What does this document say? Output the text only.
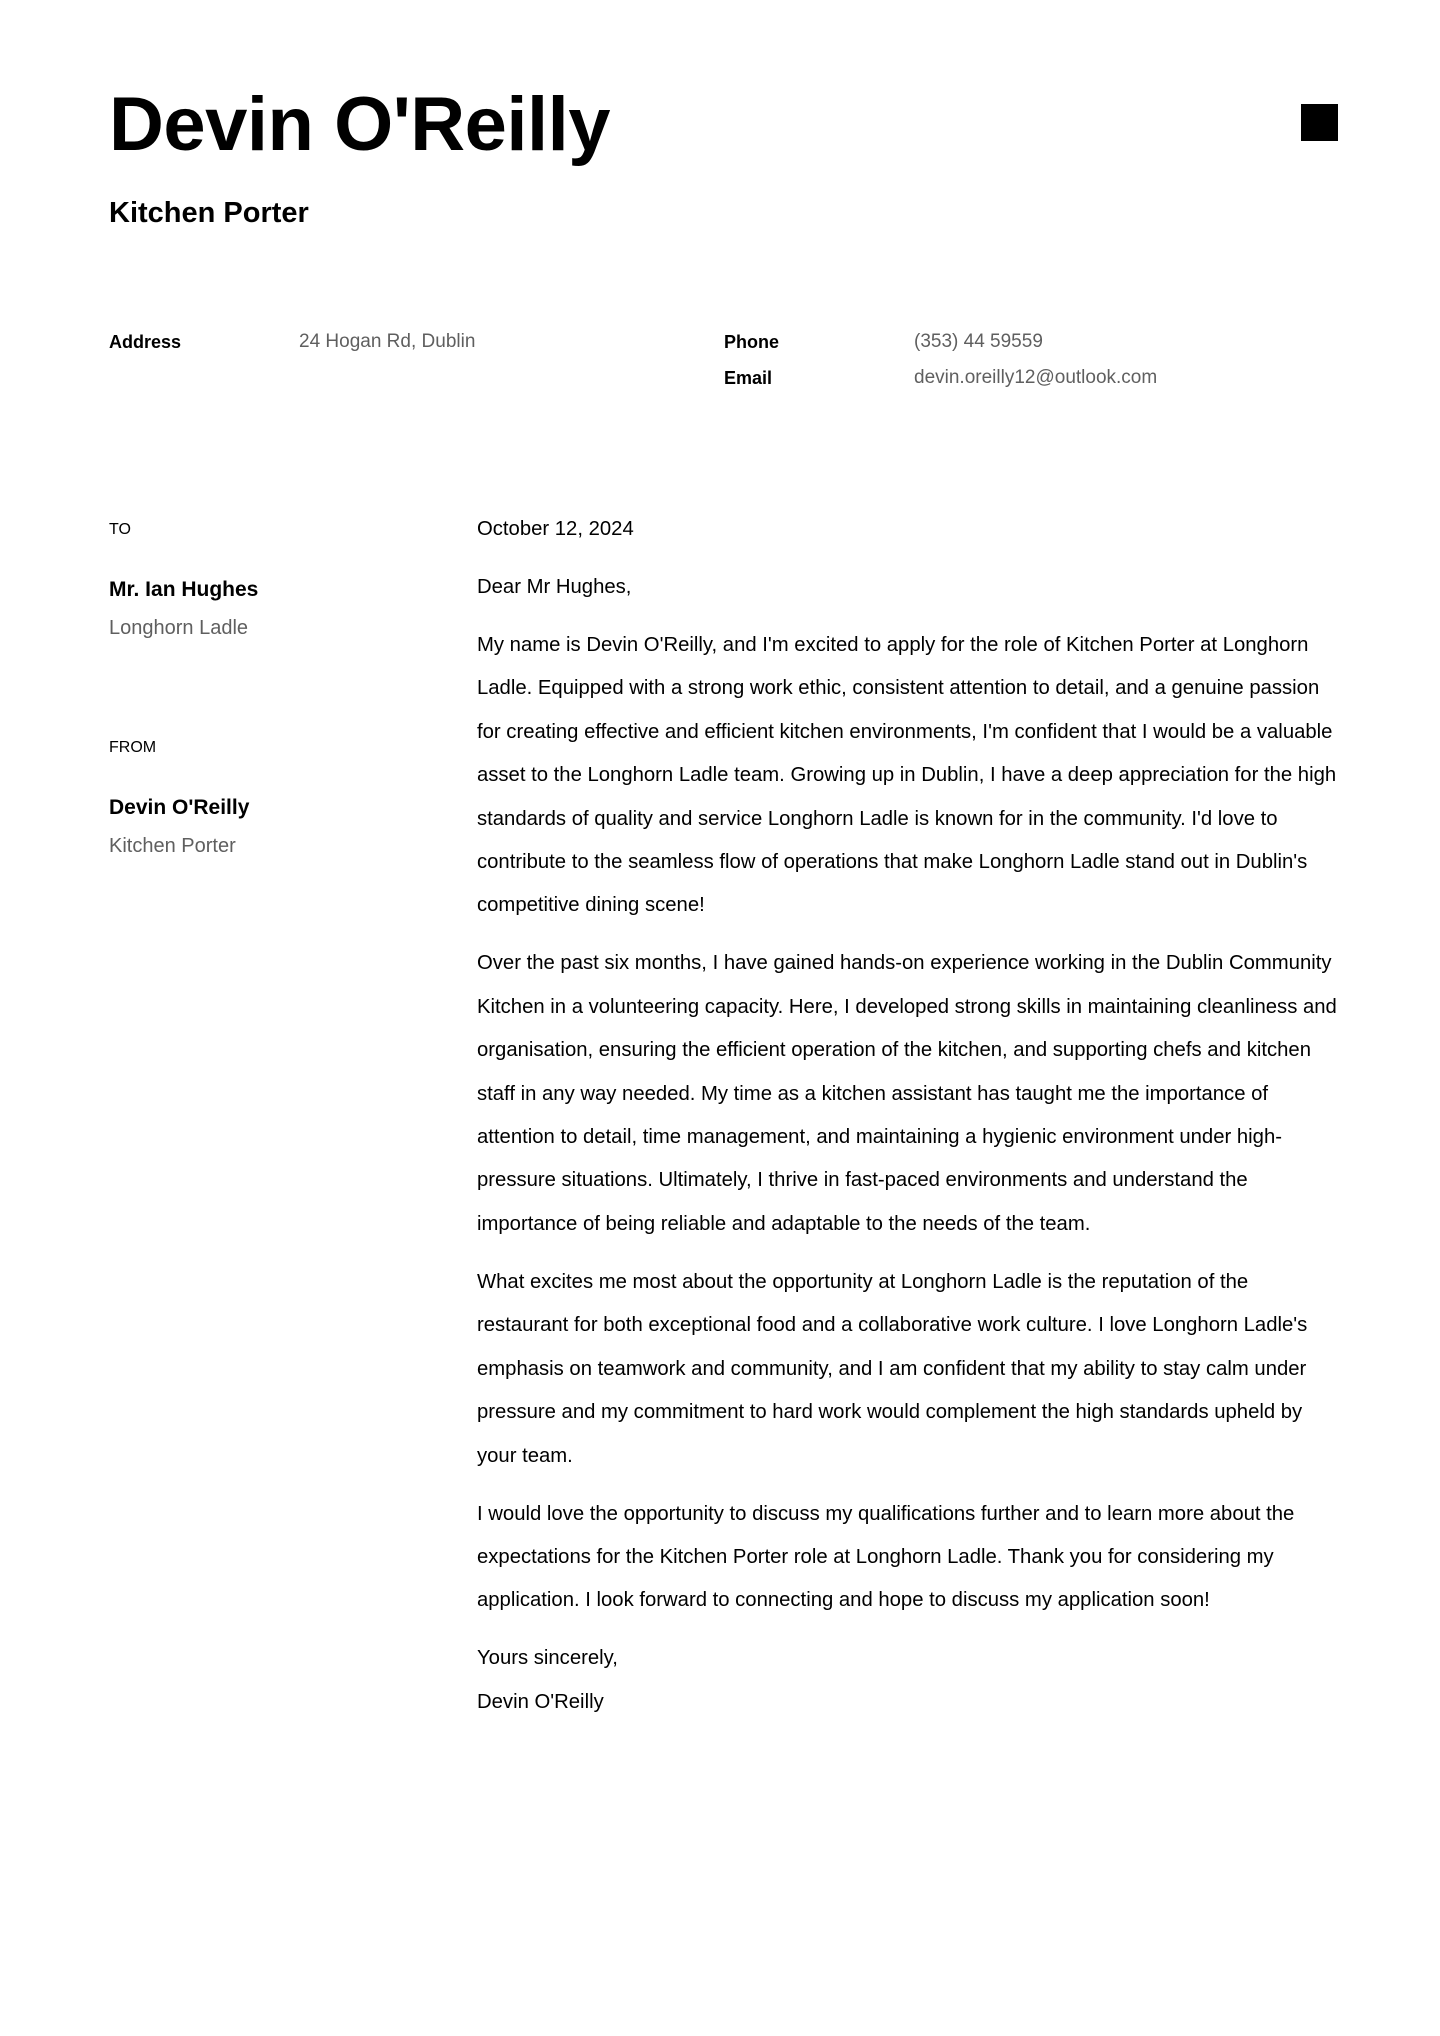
Devin O'Reilly
Kitchen Porter
Address	24 Hogan Rd, Dublin	Phone	(353) 44 59559
Email	devin.oreilly12@outlook.com
TO
Mr. Ian Hughes
Longhorn Ladle
FROM
Devin O'Reilly
Kitchen Porter

October 12, 2024

Dear Mr Hughes,

My name is Devin O'Reilly, and I'm excited to apply for the role of Kitchen Porter at Longhorn Ladle. Equipped with a strong work ethic, consistent attention to detail, and a genuine passion for creating effective and efficient kitchen environments, I'm confident that I would be a valuable asset to the Longhorn Ladle team. Growing up in Dublin, I have a deep appreciation for the high standards of quality and service Longhorn Ladle is known for in the community. I'd love to contribute to the seamless flow of operations that make Longhorn Ladle stand out in Dublin's competitive dining scene!

Over the past six months, I have gained hands-on experience working in the Dublin Community Kitchen in a volunteering capacity. Here, I developed strong skills in maintaining cleanliness and organisation, ensuring the efficient operation of the kitchen, and supporting chefs and kitchen staff in any way needed. My time as a kitchen assistant has taught me the importance of attention to detail, time management, and maintaining a hygienic environment under high-pressure situations. Ultimately, I thrive in fast-paced environments and understand the importance of being reliable and adaptable to the needs of the team.

What excites me most about the opportunity at Longhorn Ladle is the reputation of the restaurant for both exceptional food and a collaborative work culture. I love Longhorn Ladle's emphasis on teamwork and community, and I am confident that my ability to stay calm under pressure and my commitment to hard work would complement the high standards upheld by your team.

I would love the opportunity to discuss my qualifications further and to learn more about the expectations for the Kitchen Porter role at Longhorn Ladle. Thank you for considering my application. I look forward to connecting and hope to discuss my application soon!

Yours sincerely,

Devin O'Reilly
